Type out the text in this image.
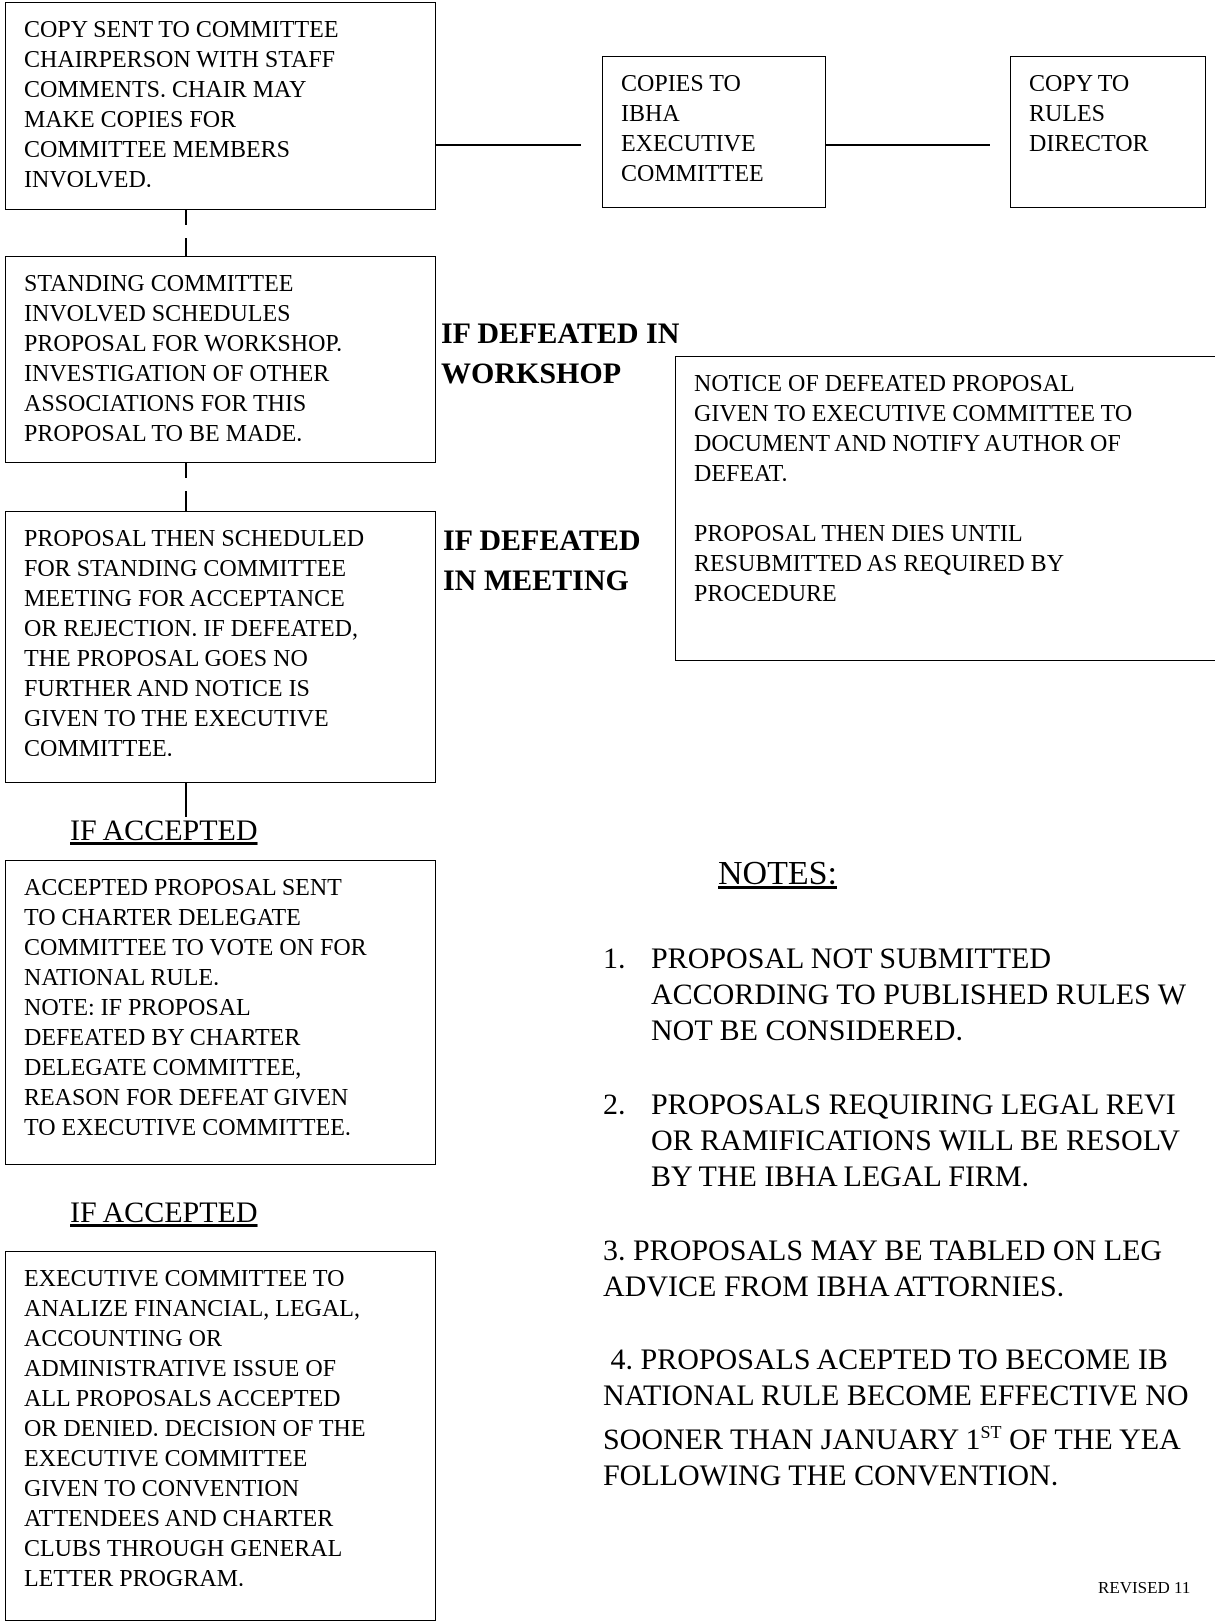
COPY SENT TO COMMITTEE
CHAIRPERSON WITH STAFF
COMMENTS. CHAIR MAY
MAKE COPIES FOR
COMMITTEE MEMBERS
INVOLVED.
COPIES TO
IBHA
EXECUTIVE
COMMITTEE
COPY TO
RULES
DIRECTOR
STANDING COMMITTEE
INVOLVED SCHEDULES
PROPOSAL FOR WORKSHOP.
INVESTIGATION OF OTHER
ASSOCIATIONS FOR THIS
PROPOSAL TO BE MADE.
PROPOSAL THEN SCHEDULED
FOR STANDING COMMITTEE
MEETING FOR ACCEPTANCE
OR REJECTION. IF DEFEATED,
THE PROPOSAL GOES NO
FURTHER AND NOTICE IS
GIVEN TO THE EXECUTIVE
COMMITTEE.
NOTICE OF DEFEATED PROPOSAL
GIVEN TO EXECUTIVE COMMITTEE TO
DOCUMENT AND NOTIFY AUTHOR OF
DEFEAT.

PROPOSAL THEN DIES UNTIL
RESUBMITTED AS REQUIRED BY
PROCEDURE
ACCEPTED PROPOSAL SENT
TO CHARTER DELEGATE
COMMITTEE TO VOTE ON FOR
NATIONAL RULE.
NOTE: IF PROPOSAL
DEFEATED BY CHARTER
DELEGATE COMMITTEE,
REASON FOR DEFEAT GIVEN
TO EXECUTIVE COMMITTEE.
EXECUTIVE COMMITTEE TO
ANALIZE FINANCIAL, LEGAL,
ACCOUNTING OR
ADMINISTRATIVE ISSUE OF
ALL PROPOSALS ACCEPTED
OR DENIED. DECISION OF THE
EXECUTIVE COMMITTEE
GIVEN TO CONVENTION
ATTENDEES AND CHARTER
CLUBS THROUGH GENERAL
LETTER PROGRAM.
IF DEFEATED IN
WORKSHOP
IF DEFEATED
IN MEETING
IF ACCEPTED
IF ACCEPTED
NOTES:
1. PROPOSAL NOT SUBMITTED
ACCORDING TO PUBLISHED RULES W
NOT BE CONSIDERED.
2. PROPOSALS REQUIRING LEGAL REVI
OR RAMIFICATIONS WILL BE RESOLV
BY THE IBHA LEGAL FIRM.
3. PROPOSALS MAY BE TABLED ON LEG
ADVICE FROM IBHA ATTORNIES.
4. PROPOSALS ACEPTED TO BECOME IB
NATIONAL RULE BECOME EFFECTIVE NO
SOONER THAN JANUARY 1ST OF THE YEA
FOLLOWING THE CONVENTION.
REVISED 11
